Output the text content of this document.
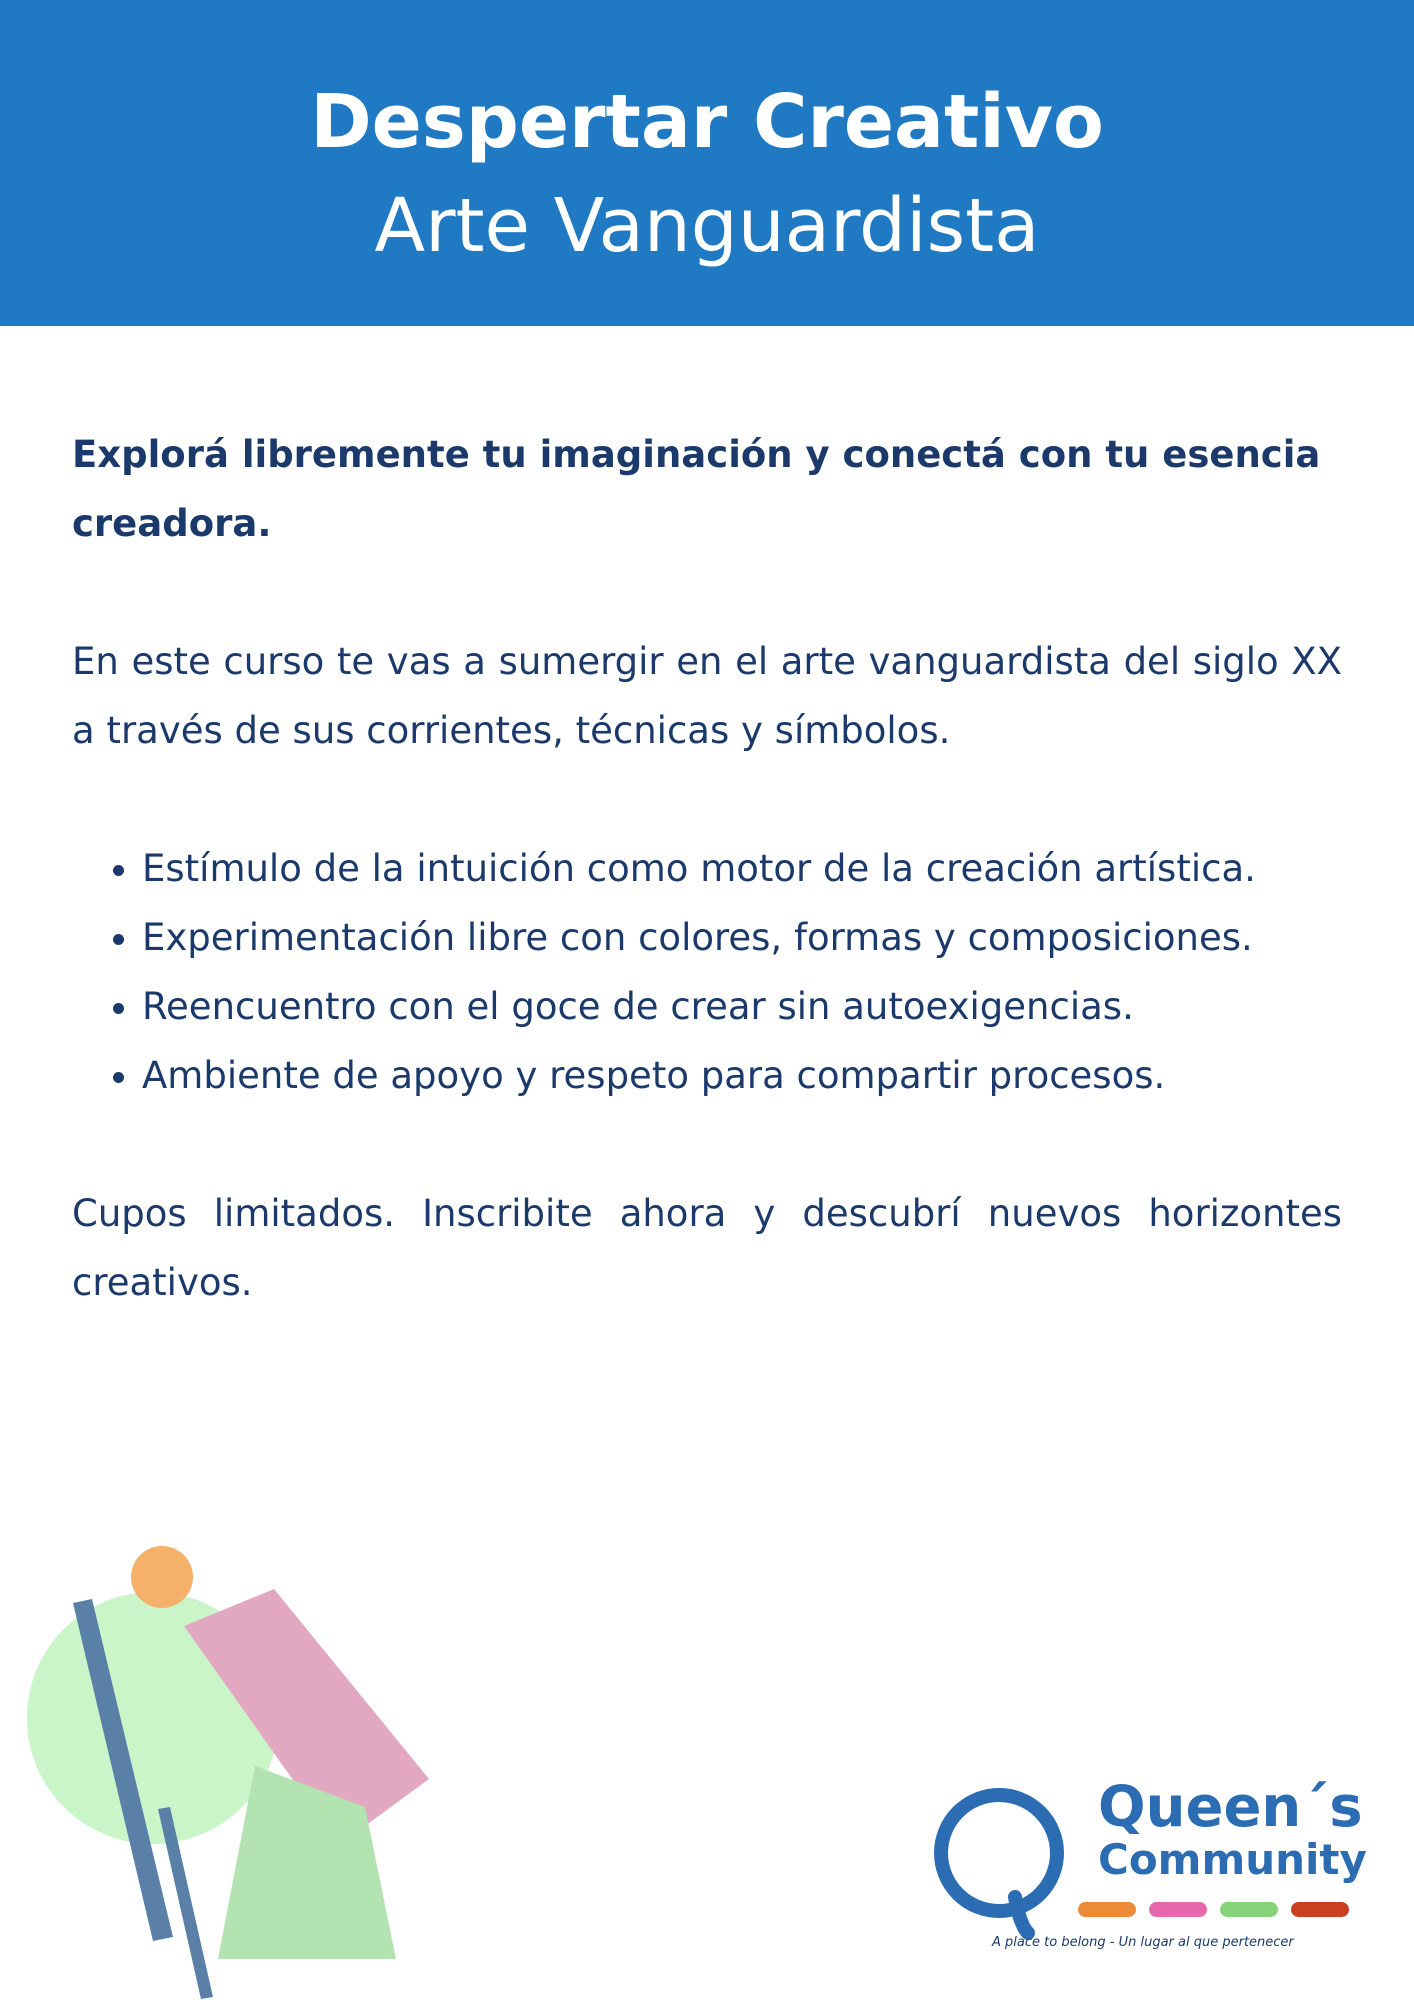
Despertar Creativo
Arte Vanguardista

Explorá libremente tu imaginación y conectá con tu esencia creadora.

En este curso te vas a sumergir en el arte vanguardista del siglo XX a través de sus corrientes, técnicas y símbolos.

• Estímulo de la intuición como motor de la creación artística.
• Experimentación libre con colores, formas y composiciones.
• Reencuentro con el goce de crear sin autoexigencias.
• Ambiente de apoyo y respeto para compartir procesos.

Cupos limitados. Inscribite ahora y descubrí nuevos horizontes creativos.

Queen´s
Community
A place to belong - Un lugar al que pertenecer
